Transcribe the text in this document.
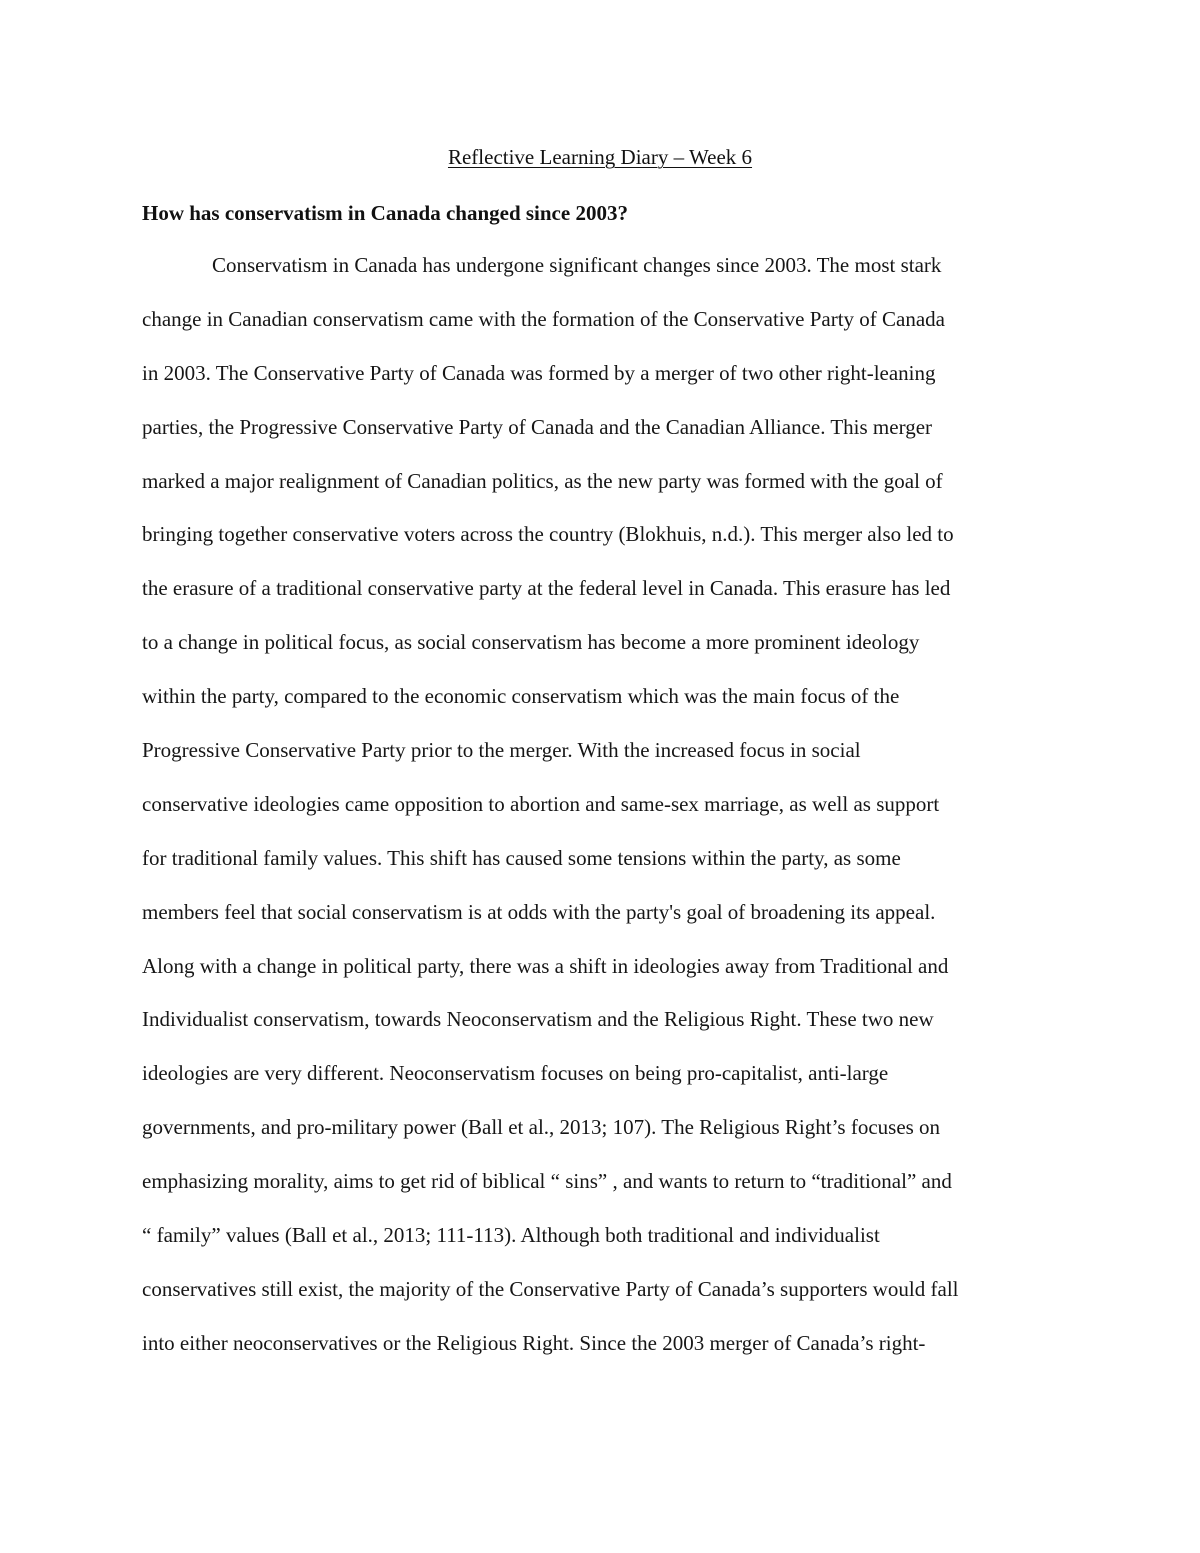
Reflective Learning Diary – Week 6
How has conservatism in Canada changed since 2003?
Conservatism in Canada has undergone significant changes since 2003. The most stark
change in Canadian conservatism came with the formation of the Conservative Party of Canada
in 2003. The Conservative Party of Canada was formed by a merger of two other right-leaning
parties, the Progressive Conservative Party of Canada and the Canadian Alliance. This merger
marked a major realignment of Canadian politics, as the new party was formed with the goal of
bringing together conservative voters across the country (Blokhuis, n.d.). This merger also led to
the erasure of a traditional conservative party at the federal level in Canada. This erasure has led
to a change in political focus, as social conservatism has become a more prominent ideology
within the party, compared to the economic conservatism which was the main focus of the
Progressive Conservative Party prior to the merger. With the increased focus in social
conservative ideologies came opposition to abortion and same-sex marriage, as well as support
for traditional family values. This shift has caused some tensions within the party, as some
members feel that social conservatism is at odds with the party's goal of broadening its appeal.
Along with a change in political party, there was a shift in ideologies away from Traditional and
Individualist conservatism, towards Neoconservatism and the Religious Right. These two new
ideologies are very different. Neoconservatism focuses on being pro-capitalist, anti-large
governments, and pro-military power (Ball et al., 2013; 107). The Religious Right’s focuses on
emphasizing morality, aims to get rid of biblical “ sins” , and wants to return to “traditional” and
“ family” values (Ball et al., 2013; 111-113). Although both traditional and individualist
conservatives still exist, the majority of the Conservative Party of Canada’s supporters would fall
into either neoconservatives or the Religious Right. Since the 2003 merger of Canada’s right-
